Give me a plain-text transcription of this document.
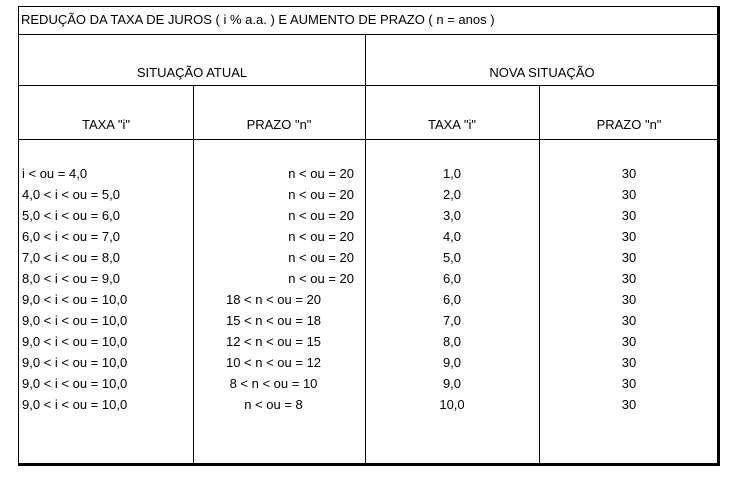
REDUÇÃO DA TAXA DE JUROS ( i % a.a. ) E AUMENTO DE PRAZO ( n = anos )
SITUAÇÃO ATUAL	NOVA SITUAÇÃO
TAXA "i"	PRAZO "n"	TAXA "i"	PRAZO "n"
i < ou = 4,0	n < ou = 20	1,0	30
4,0 < i < ou = 5,0	n < ou = 20	2,0	30
5,0 < i < ou = 6,0	n < ou = 20	3,0	30
6,0 < i < ou = 7,0	n < ou = 20	4,0	30
7,0 < i < ou = 8,0	n < ou = 20	5,0	30
8,0 < i < ou = 9,0	n < ou = 20	6,0	30
9,0 < i < ou = 10,0	18 < n < ou = 20	6,0	30
9,0 < i < ou = 10,0	15 < n < ou = 18	7,0	30
9,0 < i < ou = 10,0	12 < n < ou = 15	8,0	30
9,0 < i < ou = 10,0	10 < n < ou = 12	9,0	30
9,0 < i < ou = 10,0	8 < n < ou = 10	9,0	30
9,0 < i < ou = 10,0	n < ou = 8	10,0	30
